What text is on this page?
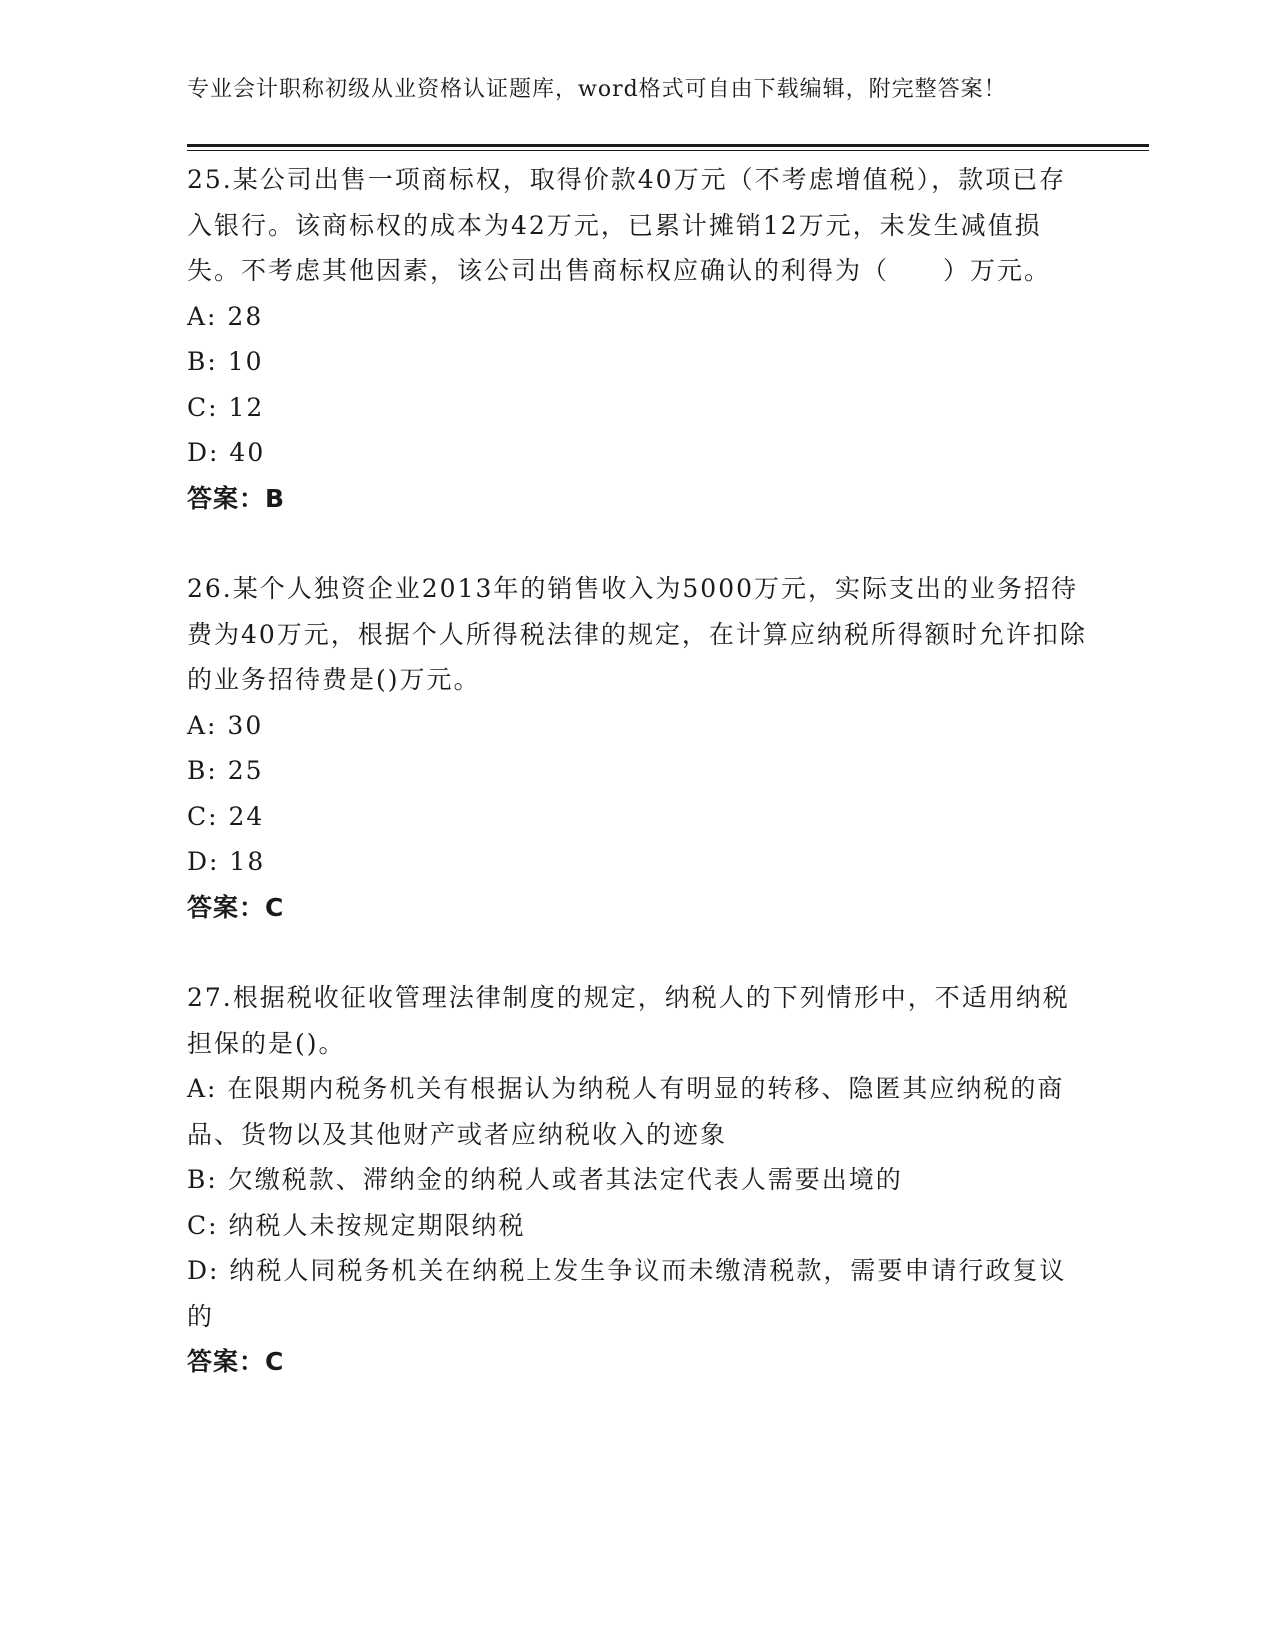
专业会计职称初级从业资格认证题库，word格式可自由下载编辑，附完整答案！

25.某公司出售一项商标权，取得价款40万元（不考虑增值税），款项已存入银行。该商标权的成本为42万元，已累计摊销12万元，未发生减值损失。不考虑其他因素，该公司出售商标权应确认的利得为（　　）万元。

A: 28

B: 10

C: 12

D: 40

答案：B

26.某个人独资企业2013年的销售收入为5000万元，实际支出的业务招待费为40万元，根据个人所得税法律的规定，在计算应纳税所得额时允许扣除的业务招待费是()万元。

A: 30

B: 25

C: 24

D: 18

答案：C

27.根据税收征收管理法律制度的规定，纳税人的下列情形中，不适用纳税担保的是()。

A: 在限期内税务机关有根据认为纳税人有明显的转移、隐匿其应纳税的商品、货物以及其他财产或者应纳税收入的迹象

B: 欠缴税款、滞纳金的纳税人或者其法定代表人需要出境的

C: 纳税人未按规定期限纳税

D: 纳税人同税务机关在纳税上发生争议而未缴清税款，需要申请行政复议的

答案：C
